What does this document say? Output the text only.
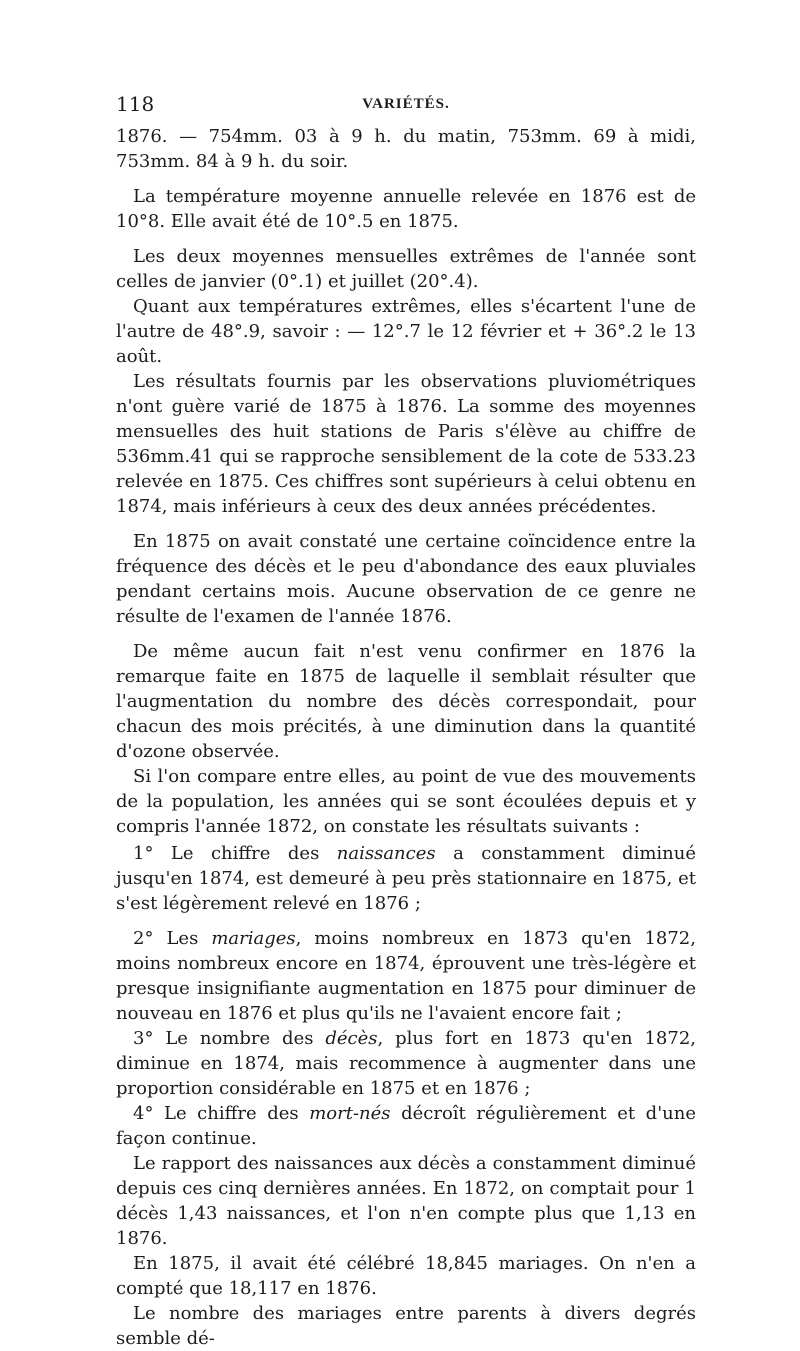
118	VARIÉTÉS.

1876. — 754mm. 03 à 9 h. du matin, 753mm. 69 à midi, 753mm. 84 à 9 h. du soir.

La température moyenne annuelle relevée en 1876 est de 10°8. Elle avait été de 10°.5 en 1875.

Les deux moyennes mensuelles extrêmes de l'année sont celles de janvier (0°.1) et juillet (20°.4).

Quant aux températures extrêmes, elles s'écartent l'une de l'autre de 48°.9, savoir : — 12°.7 le 12 février et + 36°.2 le 13 août.

Les résultats fournis par les observations pluviométriques n'ont guère varié de 1875 à 1876. La somme des moyennes mensuelles des huit stations de Paris s'élève au chiffre de 536mm.41 qui se rapproche sensiblement de la cote de 533.23 relevée en 1875. Ces chiffres sont supérieurs à celui obtenu en 1874, mais inférieurs à ceux des deux années précédentes.

En 1875 on avait constaté une certaine coïncidence entre la fréquence des décès et le peu d'abondance des eaux pluviales pendant certains mois. Aucune observation de ce genre ne résulte de l'examen de l'année 1876.

De même aucun fait n'est venu confirmer en 1876 la remarque faite en 1875 de laquelle il semblait résulter que l'augmentation du nombre des décès correspondait, pour chacun des mois précités, à une diminution dans la quantité d'ozone observée.

Si l'on compare entre elles, au point de vue des mouvements de la population, les années qui se sont écoulées depuis et y compris l'année 1872, on constate les résultats suivants :

1° Le chiffre des naissances a constamment diminué jusqu'en 1874, est demeuré à peu près stationnaire en 1875, et s'est légèrement relevé en 1876 ;

2° Les mariages, moins nombreux en 1873 qu'en 1872, moins nombreux encore en 1874, éprouvent une très-légère et presque insignifiante augmentation en 1875 pour diminuer de nouveau en 1876 et plus qu'ils ne l'avaient encore fait ;

3° Le nombre des décès, plus fort en 1873 qu'en 1872, diminue en 1874, mais recommence à augmenter dans une proportion considérable en 1875 et en 1876 ;

4° Le chiffre des mort-nés décroît régulièrement et d'une façon continue.

Le rapport des naissances aux décès a constamment diminué depuis ces cinq dernières années. En 1872, on comptait pour 1 décès 1,43 naissances, et l'on n'en compte plus que 1,13 en 1876.

En 1875, il avait été célébré 18,845 mariages. On n'en a compté que 18,117 en 1876.

Le nombre des mariages entre parents à divers degrés semble dé-
